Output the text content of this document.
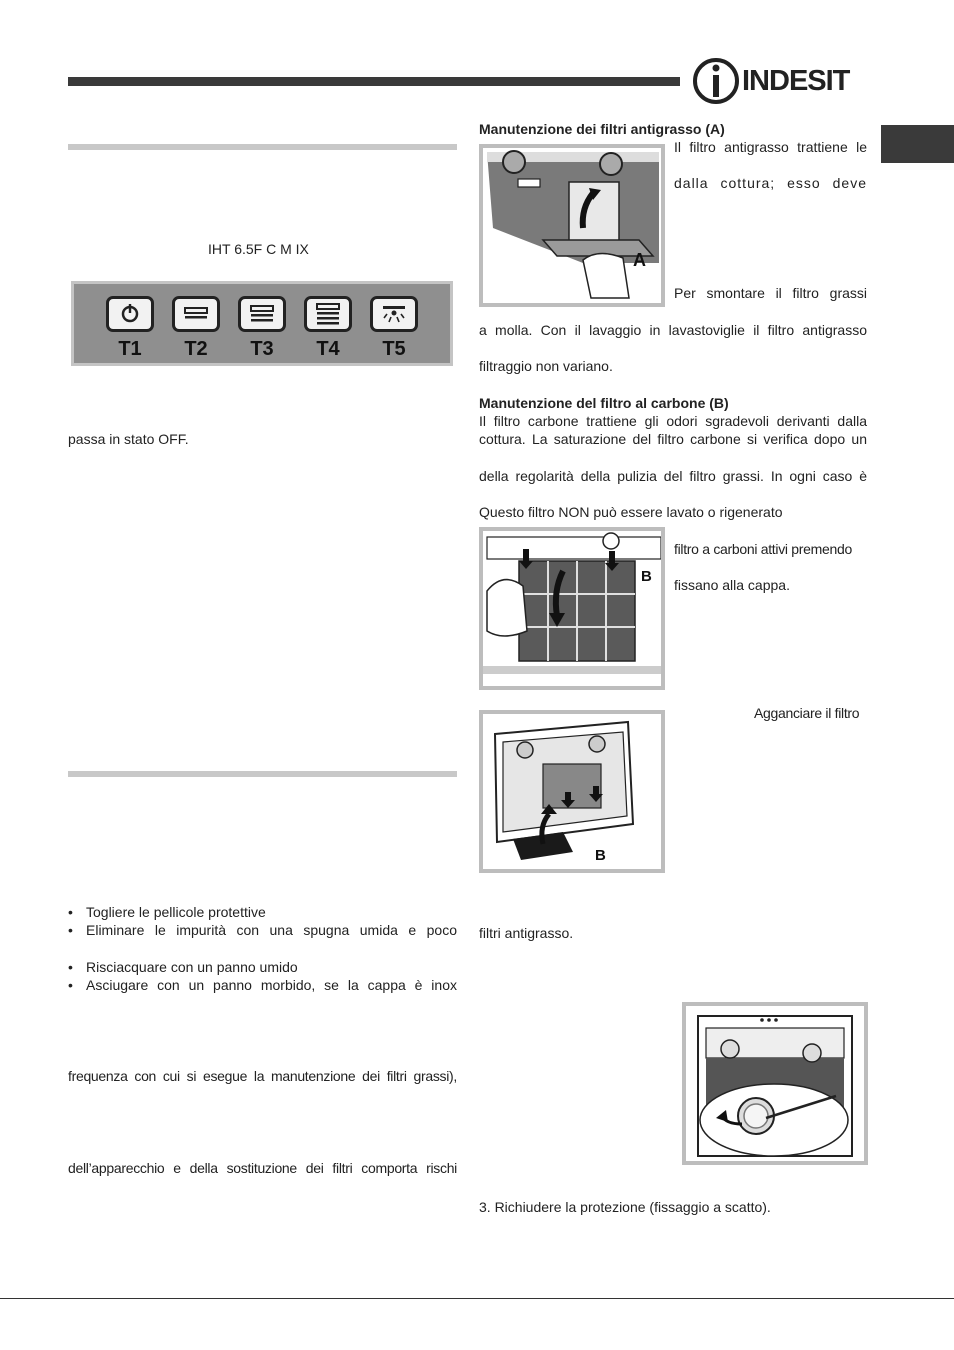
INDESIT
IHT 6.5F C M IX
T1	T2	T3	T4	T5
passa in stato OFF.
• Togliere le pellicole protettive
• Eliminare le impurità con una spugna umida e poco
• Risciacquare con un panno umido
• Asciugare con un panno morbido, se la cappa è inox
frequenza con cui si esegue la manutenzione dei filtri grassi),
dell’apparecchio e della sostituzione dei filtri comporta rischi
Manutenzione dei filtri antigrasso (A)
A
Il filtro antigrasso trattiene le
dalla cottura; esso deve
Per smontare il filtro grassi
a molla. Con il lavaggio in lavastoviglie il filtro antigrasso
filtraggio non variano.
Manutenzione del filtro al carbone (B)
Il filtro carbone trattiene gli odori sgradevoli derivanti dalla
cottura. La saturazione del filtro carbone si verifica dopo un
della regolarità della pulizia del filtro grassi. In ogni caso è
Questo filtro NON può essere lavato o rigenerato
B
filtro a carboni attivi premendo
fissano alla cappa.
B
Agganciare il filtro
filtri antigrasso.
3. Richiudere la protezione (fissaggio a scatto).
